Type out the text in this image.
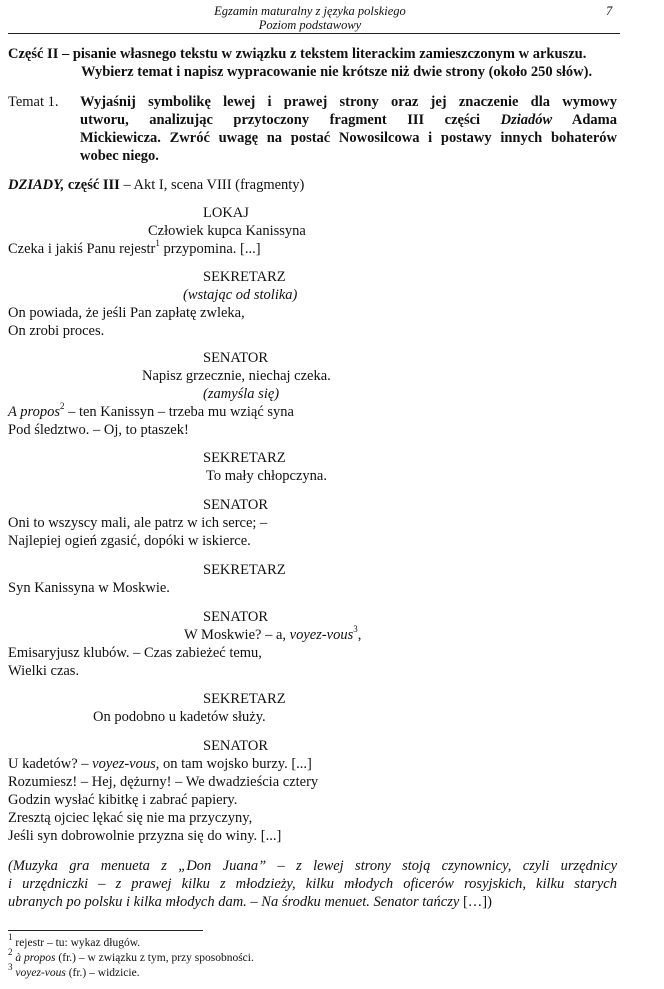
Egzamin maturalny z języka polskiego
Poziom podstawowy
7
Część II – pisanie własnego tekstu w związku z tekstem literackim zamieszczonym w arkuszu.
Wybierz temat i napisz wypracowanie nie krótsze niż dwie strony (około 250 słów).
Temat 1. Wyjaśnij symbolikę lewej i prawej strony oraz jej znaczenie dla wymowy
utworu, analizując przytoczony fragment III części Dziadów Adama
Mickiewicza. Zwróć uwagę na postać Nowosilcowa i postawy innych bohaterów
wobec niego.
DZIADY, część III – Akt I, scena VIII (fragmenty)
LOKAJ
Człowiek kupca Kanissyna
Czeka i jakiś Panu rejestr$^1$ przypomina. [...]
SEKRETARZ
(wstając od stolika)
On powiada, że jeśli Pan zapłatę zwleka,
On zrobi proces.
SENATOR
Napisz grzecznie, niechaj czeka.
(zamyśla się)
A propos$^2$ – ten Kanissyn – trzeba mu wziąć syna
Pod śledztwo. – Oj, to ptaszek!
SEKRETARZ
To mały chłopczyna.
SENATOR
Oni to wszyscy mali, ale patrz w ich serce; –
Najlepiej ogień zgasić, dopóki w iskierce.
SEKRETARZ
Syn Kanissyna w Moskwie.
SENATOR
W Moskwie? – a, voyez-vous$^3$,
Emisaryjusz klubów. – Czas zabieżeć temu,
Wielki czas.
SEKRETARZ
On podobno u kadetów służy.
SENATOR
U kadetów? – voyez-vous, on tam wojsko burzy. [...]
Rozumiesz! – Hej, dężurny! – We dwadzieścia cztery
Godzin wysłać kibitkę i zabrać papiery.
Zresztą ojciec lękać się nie ma przyczyny,
Jeśli syn dobrowolnie przyzna się do winy. [...]
(Muzyka gra menueta z „Don Juana” – z lewej strony stoją czynownicy, czyli urzędnicy
i urzędniczki – z prawej kilku z młodzieży, kilku młodych oficerów rosyjskich, kilku starych
ubranych po polsku i kilka młodych dam. – Na środku menuet. Senator tańczy […])
$^1$ rejestr – tu: wykaz długów.
$^2$ à propos (fr.) – w związku z tym, przy sposobności.
$^3$ voyez-vous (fr.) – widzicie.
